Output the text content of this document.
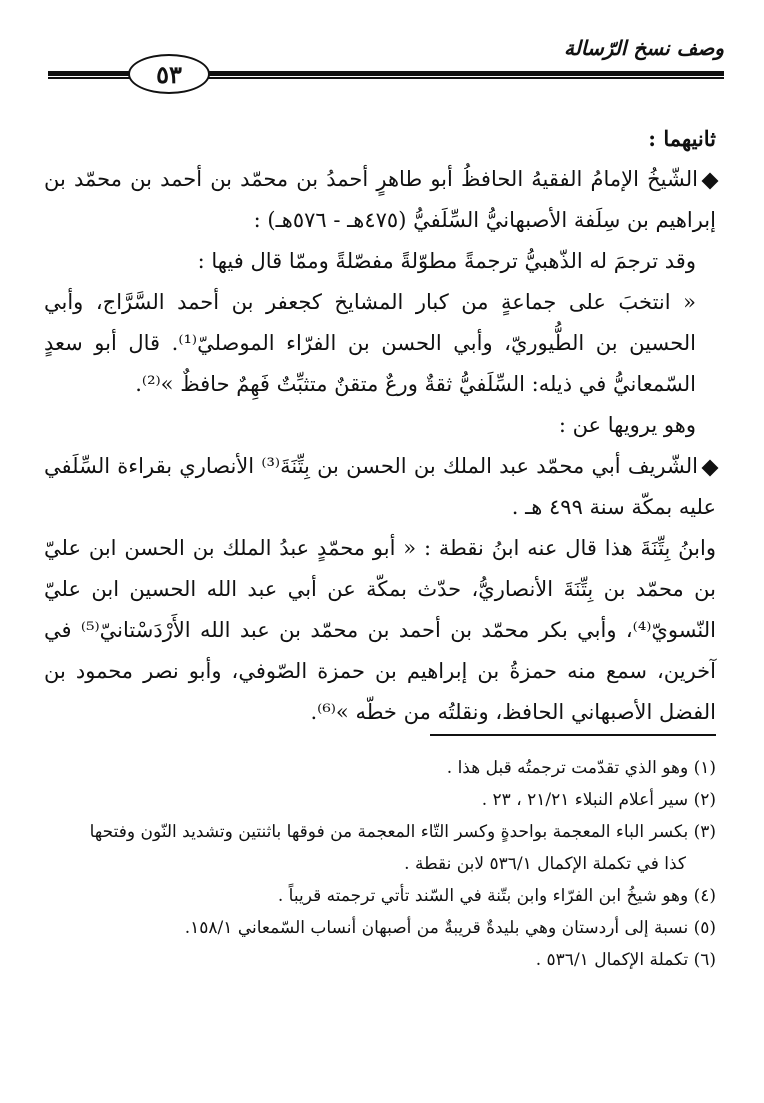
وصف نسخ الرّسالة
٥٣

ثانيهما :

الشّيخُ الإمامُ الفقيهُ الحافظُ أبو طاهرٍ أحمدُ بن محمّد بن أحمد بن محمّد بن إبراهيم بن سِلَفة الأصبهانيُّ السِّلَفيُّ (٤٧٥هـ - ٥٧٦هـ) :

وقد ترجمَ له الذّهبيُّ ترجمةً مطوّلةً مفصّلةً وممّا قال فيها :

« انتخبَ على جماعةٍ من كبار المشايخ كجعفر بن أحمد السَّرَّاج، وأبي الحسين بن الطُّيوريّ، وأبي الحسن بن الفرّاء الموصليّ⁽¹⁾. قال أبو سعدٍ السّمعانيُّ في ذيله: السِّلَفيُّ ثقةٌ ورعٌ متقنٌ متثبِّتٌ فَهِمٌ حافظٌ »⁽²⁾.

وهو يرويها عن :

الشّريف أبي محمّد عبد الملك بن الحسن بن بِتِّنَةَ⁽³⁾ الأنصاري بقراءة السِّلَفي عليه بمكّة سنة ٤٩٩ هـ .

وابنُ بِتِّنَةَ هذا قال عنه ابنُ نقطة : « أبو محمّدٍ عبدُ الملك بن الحسن ابن عليّ بن محمّد بن بِتِّنَةَ الأنصاريُّ، حدّث بمكّة عن أبي عبد الله الحسين ابن عليّ النّسويّ⁽⁴⁾، وأبي بكر محمّد بن أحمد بن محمّد بن عبد الله الأَرْدَسْتانيّ⁽⁵⁾ في آخرين، سمع منه حمزةُ بن إبراهيم بن حمزة الصّوفي، وأبو نصر محمود بن الفضل الأصبهاني الحافظ، ونقلتُه من خطّه »⁽⁶⁾.

(١) وهو الذي تقدّمت ترجمتُه قبل هذا .

(٢) سير أعلام النبلاء ٢١/٢١ ، ٢٣ .

(٣) بكسر الباء المعجمة بواحدةٍ وكسر التّاء المعجمة من فوقها باثنتين وتشديد النّون وفتحها

كذا في تكملة الإكمال ٥٣٦/١ لابن نقطة .

(٤) وهو شيخُ ابن الفرّاء وابن بتّنة في السّند تأتي ترجمته قريباً .

(٥) نسبة إلى أردستان وهي بليدةٌ قريبةٌ من أصبهان أنساب السّمعاني ١٥٨/١.

(٦) تكملة الإكمال ٥٣٦/١ .
